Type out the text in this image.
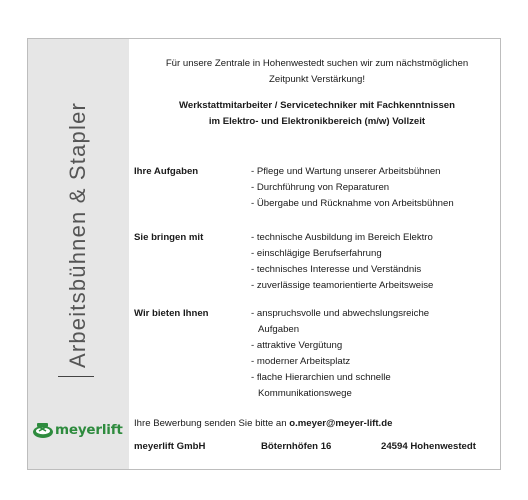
Arbeitsbühnen & Stapler
meyerlift
Für unsere Zentrale in Hohenwestedt suchen wir zum nächstmöglichen
Zeitpunkt Verstärkung!
Werkstattmitarbeiter / Servicetechniker mit Fachkenntnissen
im Elektro- und Elektronikbereich (m/w) Vollzeit
Ihre Aufgaben	- Pflege und Wartung unserer Arbeitsbühnen
- Durchführung von Reparaturen
- Übergabe und Rücknahme von Arbeitsbühnen
Sie bringen mit	- technische Ausbildung im Bereich Elektro
- einschlägige Berufserfahrung
- technisches Interesse und Verständnis
- zuverlässige teamorientierte Arbeitsweise
Wir bieten Ihnen	- anspruchsvolle und abwechslungsreiche
Aufgaben
- attraktive Vergütung
- moderner Arbeitsplatz
- flache Hierarchien und schnelle
Kommunikationswege
Ihre Bewerbung senden Sie bitte an o.meyer@meyer-lift.de
meyerlift GmbH	Böternhöfen 16	24594 Hohenwestedt
